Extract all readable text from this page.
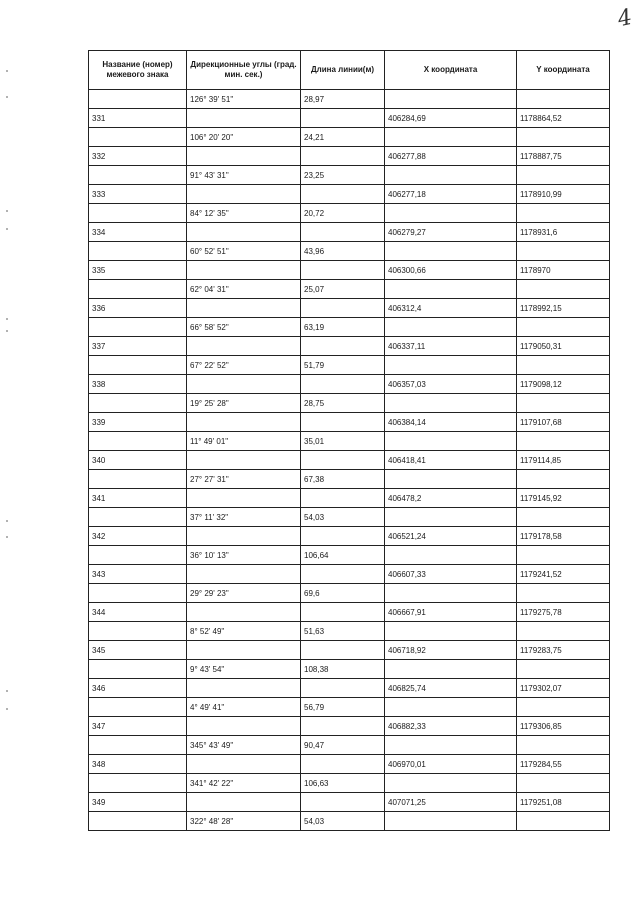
4
Название (номер) межевого знака	Дирекционные углы (град. мин. сек.)	Длина линии(м)	X координата	Y координата
	126° 39' 51"	28,97		
331			406284,69	1178864,52
	106° 20' 20"	24,21		
332			406277,88	1178887,75
	91° 43' 31"	23,25		
333			406277,18	1178910,99
	84° 12' 35"	20,72		
334			406279,27	1178931,6
	60° 52' 51"	43,96		
335			406300,66	1178970
	62° 04' 31"	25,07		
336			406312,4	1178992,15
	66° 58' 52"	63,19		
337			406337,11	1179050,31
	67° 22' 52"	51,79		
338			406357,03	1179098,12
	19° 25' 28"	28,75		
339			406384,14	1179107,68
	11° 49' 01"	35,01		
340			406418,41	1179114,85
	27° 27' 31"	67,38		
341			406478,2	1179145,92
	37° 11' 32"	54,03		
342			406521,24	1179178,58
	36° 10' 13"	106,64		
343			406607,33	1179241,52
	29° 29' 23"	69,6		
344			406667,91	1179275,78
	8° 52' 49"	51,63		
345			406718,92	1179283,75
	9° 43' 54"	108,38		
346			406825,74	1179302,07
	4° 49' 41"	56,79		
347			406882,33	1179306,85
	345° 43' 49"	90,47		
348			406970,01	1179284,55
	341° 42' 22"	106,63		
349			407071,25	1179251,08
	322° 48' 28"	54,03		
